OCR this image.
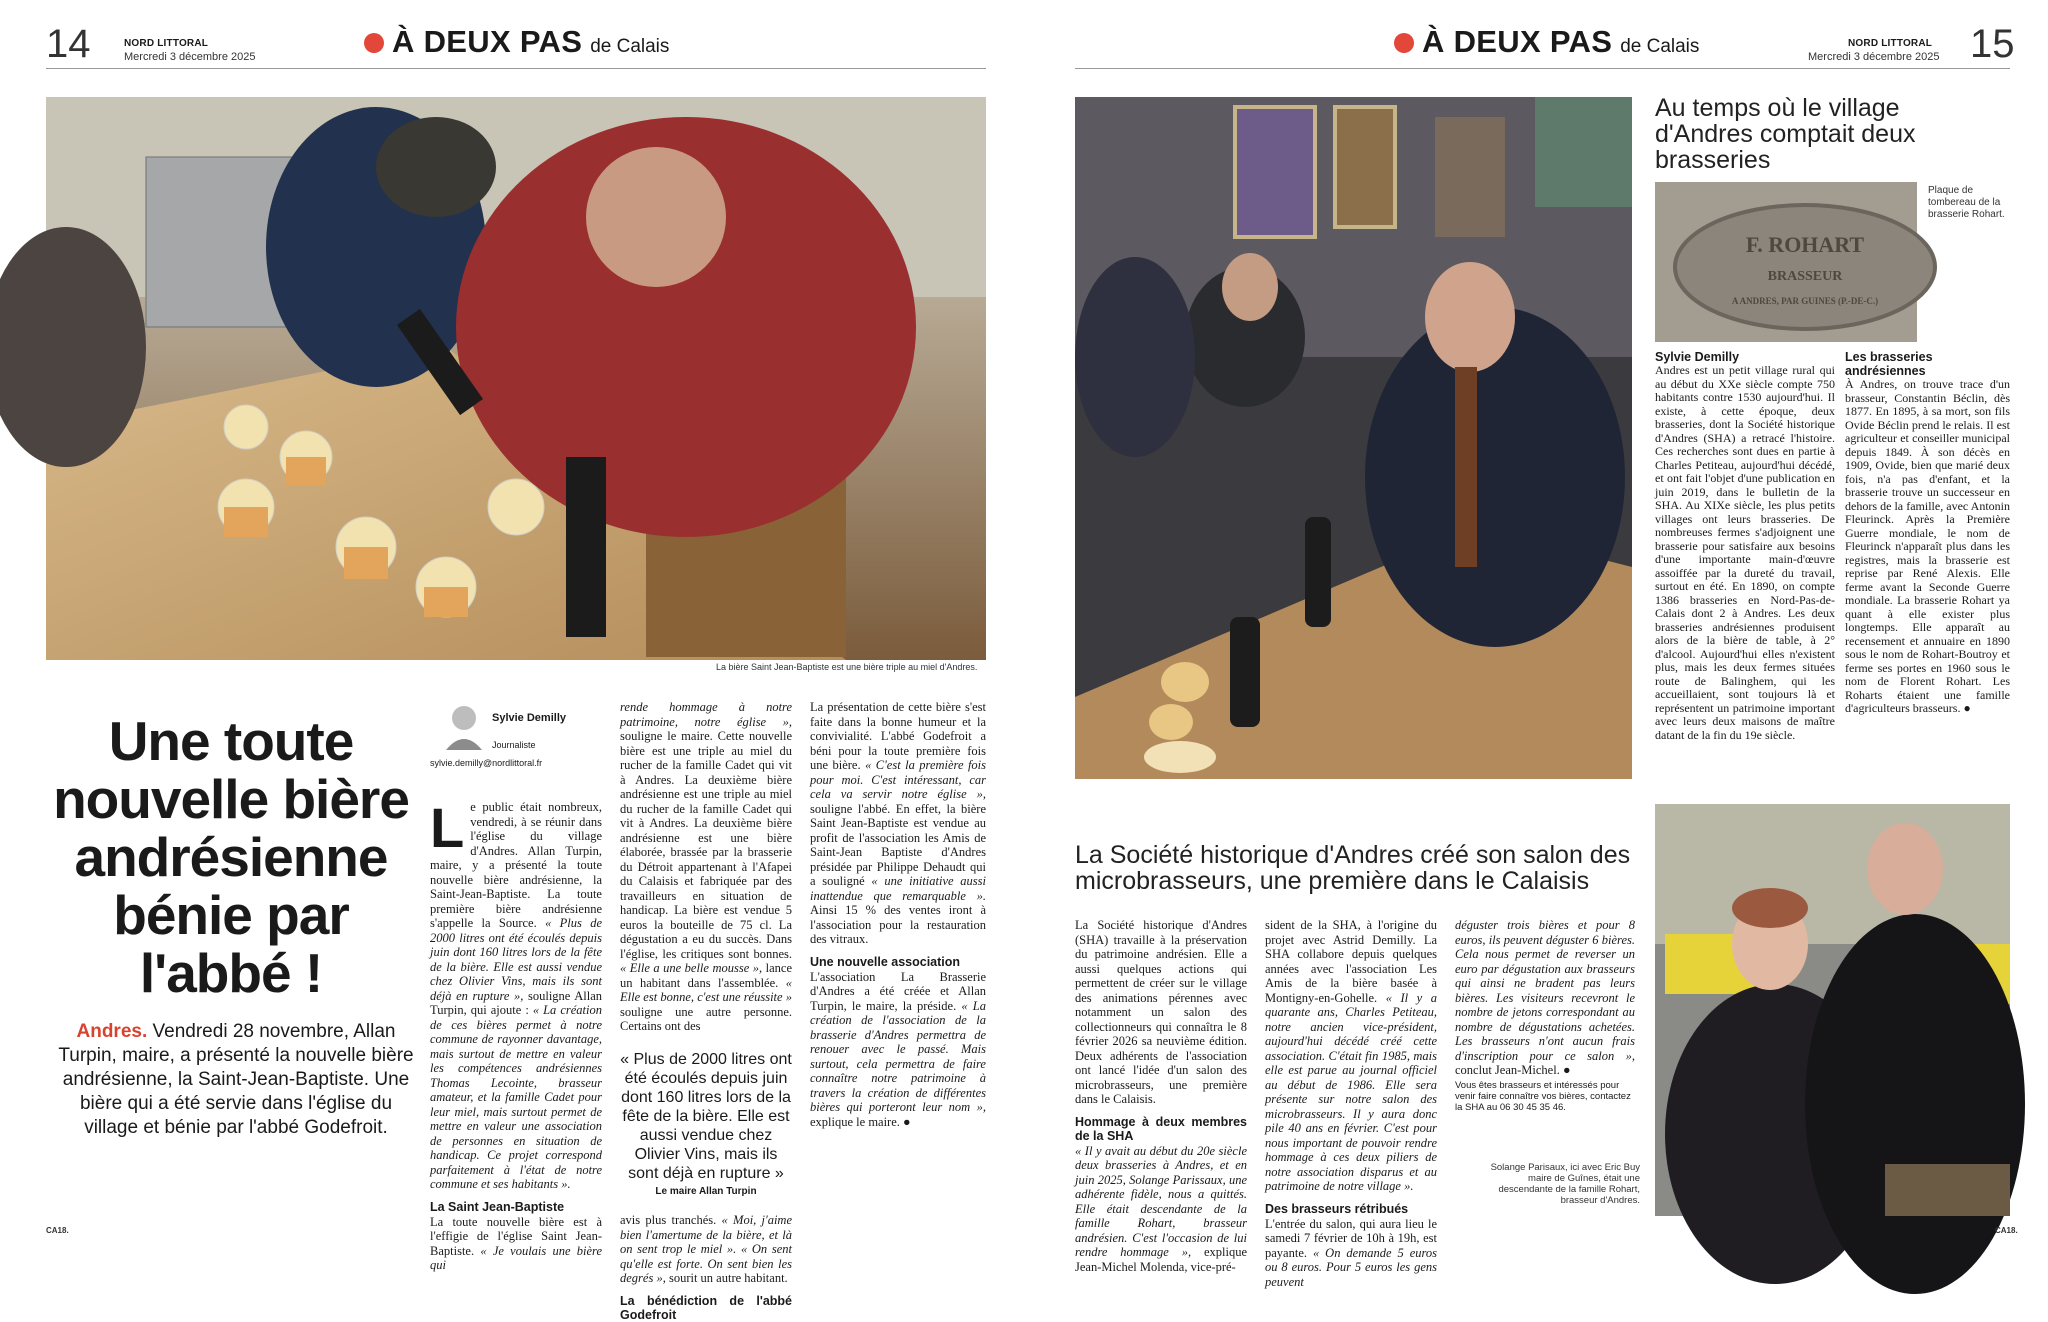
14	NORD LITTORAL
Mercredi 3 décembre 2025	À DEUX PAS de Calais
La bière Saint Jean-Baptiste est une bière triple au miel d'Andres.
Une toute nouvelle bière andrésienne bénie par l'abbé !
Andres. Vendredi 28 novembre, Allan Turpin, maire, a présenté la nouvelle bière andrésienne, la Saint-Jean-Baptiste. Une bière qui a été servie dans l'église du village et bénie par l'abbé Godefroit.
Sylvie Demilly
Journaliste
sylvie.demilly@nordlittoral.fr
L e public était nombreux, vendredi, à se réunir dans l'église du village d'Andres. Allan Turpin, maire, y a présenté la toute nouvelle bière andrésienne, la Saint-Jean-Baptiste. La toute première bière andrésienne s'appelle la Source. « Plus de 2000 litres ont été écoulés depuis juin dont 160 litres lors de la fête de la bière. Elle est aussi vendue chez Olivier Vins, mais ils sont déjà en rupture », souligne Allan Turpin, qui ajoute : « La création de ces bières permet à notre commune de rayonner davantage, mais surtout de mettre en valeur les compétences andrésiennes Thomas Lecointe, brasseur amateur, et la famille Cadet pour leur miel, mais surtout permet de mettre en valeur une association de personnes en situation de handicap. Ce projet correspond parfaitement à l'état de notre commune et ses habitants ».
La Saint Jean-Baptiste
La toute nouvelle bière est à l'effigie de l'église Saint Jean-Baptiste. « Je voulais une bière qui
rende hommage à notre patrimoine, notre église », souligne le maire. Cette nouvelle bière est une triple au miel du rucher de la famille Cadet qui vit à Andres. La deuxième bière andrésienne est une triple au miel du rucher de la famille Cadet qui vit à Andres. La deuxième bière andrésienne est une bière élaborée, brassée par la brasserie du Détroit appartenant à l'Afapei du Calaisis et fabriquée par des travailleurs en situation de handicap. La bière est vendue 5 euros la bouteille de 75 cl. La dégustation a eu du succès. Dans l'église, les critiques sont bonnes. « Elle a une belle mousse », lance un habitant dans l'assemblée. « Elle est bonne, c'est une réussite » souligne une autre personne. Certains ont des
« Plus de 2000 litres ont été écoulés depuis juin dont 160 litres lors de la fête de la bière. Elle est aussi vendue chez Olivier Vins, mais ils sont déjà en rupture »
Le maire Allan Turpin
avis plus tranchés. « Moi, j'aime bien l'amertume de la bière, et là on sent trop le miel ». « On sent qu'elle est forte. On sent bien les degrés », sourit un autre habitant.
La bénédiction de l'abbé Godefroit
La présentation de cette bière s'est faite dans la bonne humeur et la convivialité. L'abbé Godefroit a béni pour la toute première fois une bière. « C'est la première fois pour moi. C'est intéressant, car cela va servir notre église », souligne l'abbé. En effet, la bière Saint Jean-Baptiste est vendue au profit de l'association les Amis de Saint-Jean Baptiste d'Andres présidée par Philippe Dehaudt qui a souligné « une initiative aussi inattendue que remarquable ». Ainsi 15 % des ventes iront à l'association pour la restauration des vitraux.
Une nouvelle association
L'association La Brasserie d'Andres a été créée et Allan Turpin, le maire, la préside. « La création de l'association de la brasserie d'Andres permettra de renouer avec le passé. Mais surtout, cela permettra de faire connaître notre patrimoine à travers la création de différentes bières qui porteront leur nom », explique le maire. ●
CA18.
À DEUX PAS de Calais	NORD LITTORAL
Mercredi 3 décembre 2025 15
Au temps où le village d'Andres comptait deux brasseries
F. ROHART
BRASSEUR
A ANDRES, PAR GUINES (P.-DE-C.)
Plaque de tombereau de la brasserie Rohart.
Sylvie Demilly
Andres est un petit village rural qui au début du XXe siècle compte 750 habitants contre 1530 aujourd'hui. Il existe, à cette époque, deux brasseries, dont la Société historique d'Andres (SHA) a retracé l'histoire. Ces recherches sont dues en partie à Charles Petiteau, aujourd'hui décédé, et ont fait l'objet d'une publication en juin 2019, dans le bulletin de la SHA. Au XIXe siècle, les plus petits villages ont leurs brasseries. De nombreuses fermes s'adjoignent une brasserie pour satisfaire aux besoins d'une importante main-d'œuvre assoiffée par la dureté du travail, surtout en été. En 1890, on compte 1386 brasseries en Nord-Pas-de-Calais dont 2 à Andres. Les deux brasseries andrésiennes produisent alors de la bière de table, à 2° d'alcool. Aujourd'hui elles n'existent plus, mais les deux fermes situées route de Balinghem, qui les accueillaient, sont toujours là et représentent un patrimoine important avec leurs deux maisons de maître datant de la fin du 19e siècle.
Les brasseries andrésiennes
À Andres, on trouve trace d'un brasseur, Constantin Béclin, dès 1877. En 1895, à sa mort, son fils Ovide Béclin prend le relais. Il est agriculteur et conseiller municipal depuis 1849. À son décès en 1909, Ovide, bien que marié deux fois, n'a pas d'enfant, et la brasserie trouve un successeur en dehors de la famille, avec Antonin Fleurinck. Après la Première Guerre mondiale, le nom de Fleurinck n'apparaît plus dans les registres, mais la brasserie est reprise par René Alexis. Elle ferme avant la Seconde Guerre mondiale. La brasserie Rohart ya quant à elle exister plus longtemps. Elle apparaît au recensement et annuaire en 1890 sous le nom de Rohart-Boutroy et ferme ses portes en 1960 sous le nom de Florent Rohart. Les Roharts étaient une famille d'agriculteurs brasseurs. ●
La Société historique d'Andres créé son salon des microbrasseurs, une première dans le Calaisis
La Société historique d'Andres (SHA) travaille à la préservation du patrimoine andrésien. Elle a aussi quelques actions qui permettent de créer sur le village des animations pérennes avec notamment un salon des collectionneurs qui connaîtra le 8 février 2026 sa neuvième édition. Deux adhérents de l'association ont lancé l'idée d'un salon des microbrasseurs, une première dans le Calaisis.
Hommage à deux membres de la SHA
« Il y avait au début du 20e siècle deux brasseries à Andres, et en juin 2025, Solange Parissaux, une adhérente fidèle, nous a quittés. Elle était descendante de la famille Rohart, brasseur andrésien. C'est l'occasion de lui rendre hommage », explique Jean-Michel Molenda, vice-pré-
sident de la SHA, à l'origine du projet avec Astrid Demilly. La SHA collabore depuis quelques années avec l'association Les Amis de la bière basée à Montigny-en-Gohelle. « Il y a quarante ans, Charles Petiteau, notre ancien vice-président, aujourd'hui décédé créé cette association. C'était fin 1985, mais elle est parue au journal officiel au début de 1986. Elle sera présente sur notre salon des microbrasseurs. Il y aura donc pile 40 ans en février. C'est pour nous important de pouvoir rendre hommage à ces deux piliers de notre association disparus et au patrimoine de notre village ».
Des brasseurs rétribués
L'entrée du salon, qui aura lieu le samedi 7 février de 10h à 19h, est payante. « On demande 5 euros ou 8 euros. Pour 5 euros les gens peuvent
déguster trois bières et pour 8 euros, ils peuvent déguster 6 bières. Cela nous permet de reverser un euro par dégustation aux brasseurs qui ainsi ne bradent pas leurs bières. Les visiteurs recevront le nombre de jetons correspondant au nombre de dégustations achetées. Les brasseurs n'ont aucun frais d'inscription pour ce salon », conclut Jean-Michel. ●
Vous êtes brasseurs et intéressés pour venir faire connaître vos bières, contactez la SHA au 06 30 45 35 46.
Solange Parisaux, ici avec Eric Buy maire de Guînes, était une descendante de la famille Rohart, brasseur d'Andres.
CA18.
